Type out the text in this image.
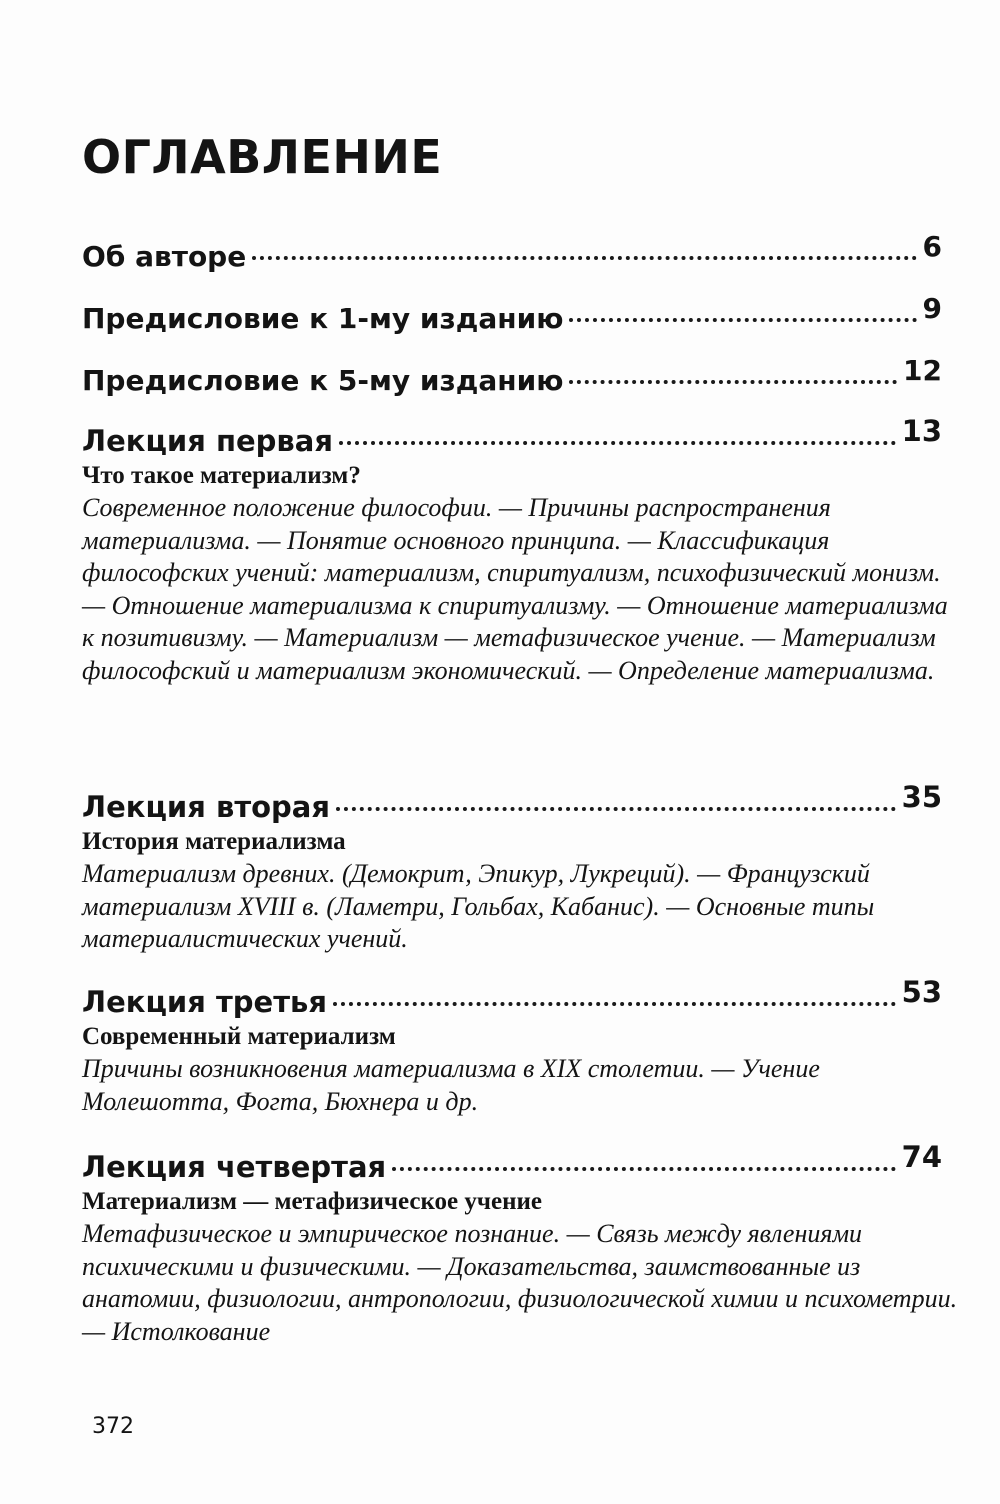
ОГЛАВЛЕНИЕ
Об авторе	6
Предисловие к 1-му изданию	9
Предисловие к 5-му изданию	12
Лекция первая	13
Что такое материализм?
Современное положение философии. — Причины распространения материализма. — Понятие основного принципа. — Классификация философских учений: материализм, спиритуализм, психофизический монизм. — Отношение материализма к спиритуализму. — Отношение материализма к позитивизму. — Материализм — метафизическое учение. — Материализм философский и материализм экономический. — Определение материализма.
Лекция вторая	35
История материализма
Материализм древних. (Демокрит, Эпикур, Лукреций). — Французский материализм XVIII в. (Ламетри, Гольбах, Кабанис). — Основные типы материалистических учений.
Лекция третья	53
Современный материализм
Причины возникновения материализма в XIX столетии. — Учение Молешотта, Фогта, Бюхнера и др.
Лекция четвертая	74
Материализм — метафизическое учение
Метафизическое и эмпирическое познание. — Связь между явлениями психическими и физическими. — Доказательства, заимствованные из анатомии, физиологии, антропологии, физиологической химии и психометрии. — Истолкование
372
